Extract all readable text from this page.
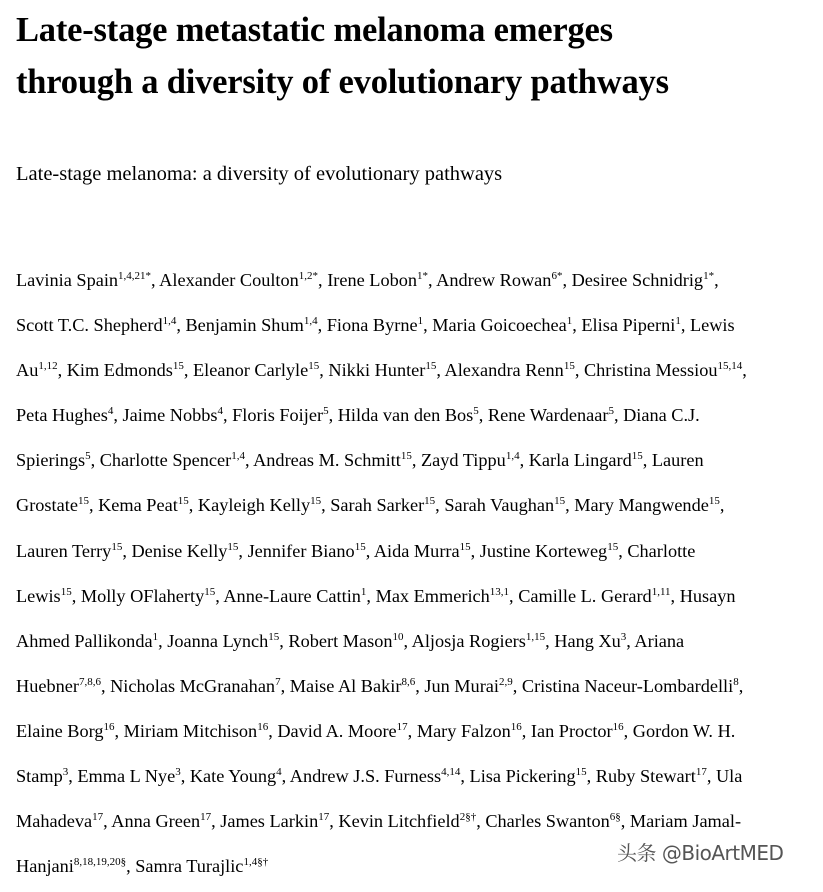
Late-stage metastatic melanoma emerges
through a diversity of evolutionary pathways
Late-stage melanoma: a diversity of evolutionary pathways
Lavinia Spain$^{1,4,21*}$, Alexander Coulton$^{1,2*}$, Irene Lobon$^{1*}$, Andrew Rowan$^{6*}$, Desiree Schnidrig$^{1*}$,
Scott T.C. Shepherd$^{1,4}$, Benjamin Shum$^{1,4}$, Fiona Byrne$^1$, Maria Goicoechea$^1$, Elisa Piperni$^1$, Lewis
Au$^{1,12}$, Kim Edmonds$^{15}$, Eleanor Carlyle$^{15}$, Nikki Hunter$^{15}$, Alexandra Renn$^{15}$, Christina Messiou$^{15,14}$,
Peta Hughes$^4$, Jaime Nobbs$^4$, Floris Foijer$^5$, Hilda van den Bos$^5$, Rene Wardenaar$^5$, Diana C.J.
Spierings$^5$, Charlotte Spencer$^{1,4}$, Andreas M. Schmitt$^{15}$, Zayd Tippu$^{1,4}$, Karla Lingard$^{15}$, Lauren
Grostate$^{15}$, Kema Peat$^{15}$, Kayleigh Kelly$^{15}$, Sarah Sarker$^{15}$, Sarah Vaughan$^{15}$, Mary Mangwende$^{15}$,
Lauren Terry$^{15}$, Denise Kelly$^{15}$, Jennifer Biano$^{15}$, Aida Murra$^{15}$, Justine Korteweg$^{15}$, Charlotte
Lewis$^{15}$, Molly OFlaherty$^{15}$, Anne-Laure Cattin$^1$, Max Emmerich$^{13,1}$, Camille L. Gerard$^{1,11}$, Husayn
Ahmed Pallikonda$^1$, Joanna Lynch$^{15}$, Robert Mason$^{10}$, Aljosja Rogiers$^{1,15}$, Hang Xu$^3$, Ariana
Huebner$^{7,8,6}$, Nicholas McGranahan$^7$, Maise Al Bakir$^{8,6}$, Jun Murai$^{2,9}$, Cristina Naceur-Lombardelli$^8$,
Elaine Borg$^{16}$, Miriam Mitchison$^{16}$, David A. Moore$^{17}$, Mary Falzon$^{16}$, Ian Proctor$^{16}$, Gordon W. H.
Stamp$^3$, Emma L Nye$^3$, Kate Young$^4$, Andrew J.S. Furness$^{4,14}$, Lisa Pickering$^{15}$, Ruby Stewart$^{17}$, Ula
Mahadeva$^{17}$, Anna Green$^{17}$, James Larkin$^{17}$, Kevin Litchfield$^{2\S\dagger}$, Charles Swanton$^{6\S}$, Mariam Jamal-
Hanjani$^{8,18,19,20\S}$, Samra Turajlic$^{1,4\S\dagger}$	头条 @BioArtMED
